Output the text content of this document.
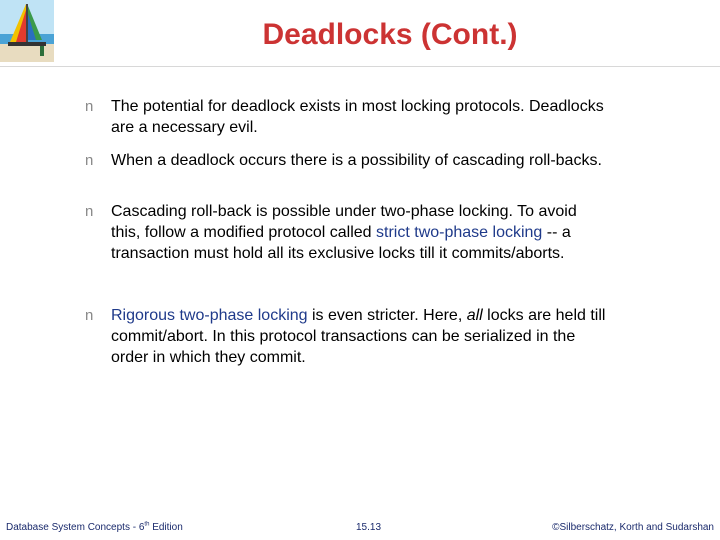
Deadlocks (Cont.)
n The potential for deadlock exists in most locking protocols. Deadlocks are a necessary evil.
n When a deadlock occurs there is a possibility of cascading roll-backs.
n Cascading roll-back is possible under two-phase locking. To avoid this, follow a modified protocol called strict two-phase locking -- a transaction must hold all its exclusive locks till it commits/aborts.
n Rigorous two-phase locking is even stricter. Here, all locks are held till commit/abort. In this protocol transactions can be serialized in the order in which they commit.
Database System Concepts - 6th Edition	15.13	©Silberschatz, Korth and Sudarshan
